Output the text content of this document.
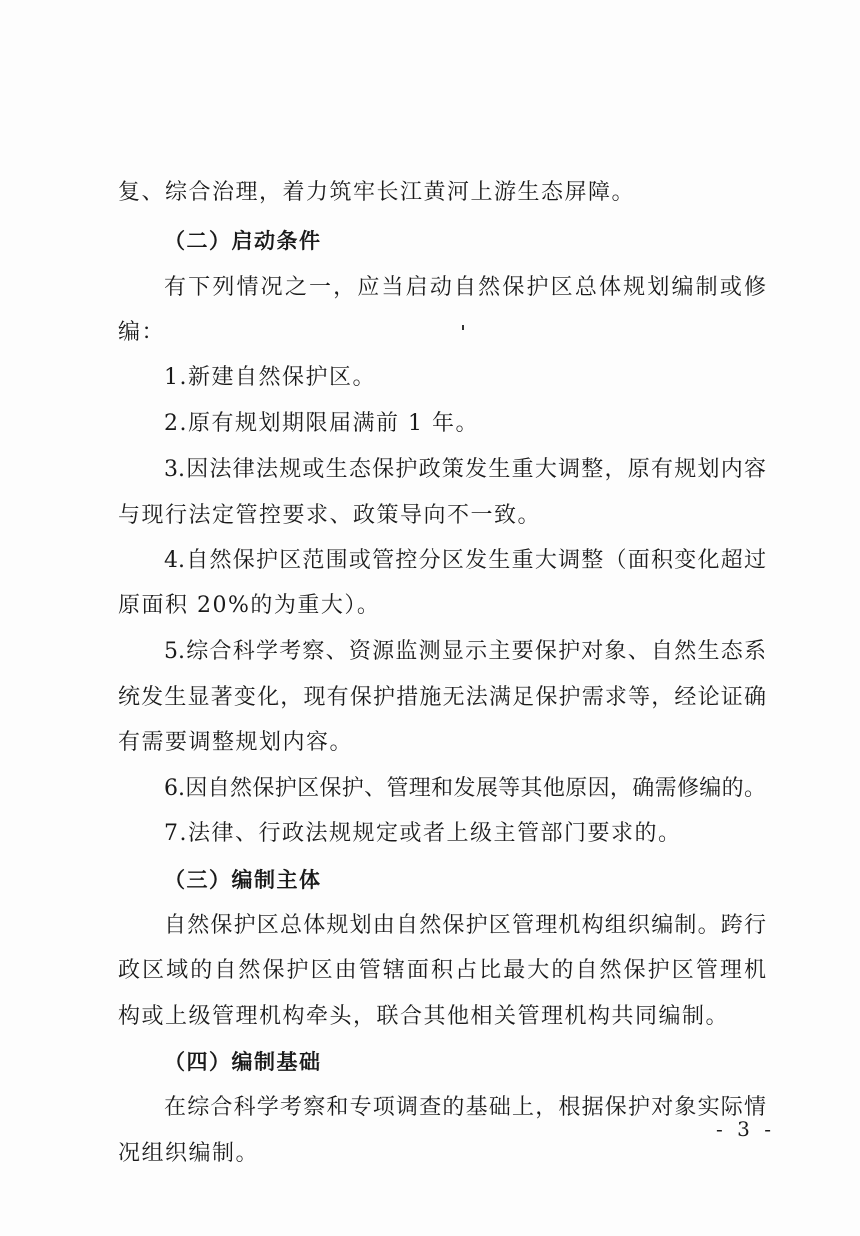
复、综合治理，着力筑牢长江黄河上游生态屏障。
（二）启动条件
有下列情况之一，应当启动自然保护区总体规划编制或修
编：
1.新建自然保护区。
2.原有规划期限届满前 1 年。
3.因法律法规或生态保护政策发生重大调整，原有规划内容
与现行法定管控要求、政策导向不一致。
4.自然保护区范围或管控分区发生重大调整（面积变化超过
原面积 20%的为重大）。
5.综合科学考察、资源监测显示主要保护对象、自然生态系
统发生显著变化，现有保护措施无法满足保护需求等，经论证确
有需要调整规划内容。
6.因自然保护区保护、管理和发展等其他原因，确需修编的。
7.法律、行政法规规定或者上级主管部门要求的。
（三）编制主体
自然保护区总体规划由自然保护区管理机构组织编制。跨行
政区域的自然保护区由管辖面积占比最大的自然保护区管理机
构或上级管理机构牵头，联合其他相关管理机构共同编制。
（四）编制基础
在综合科学考察和专项调查的基础上，根据保护对象实际情
况组织编制。
- 3 -
